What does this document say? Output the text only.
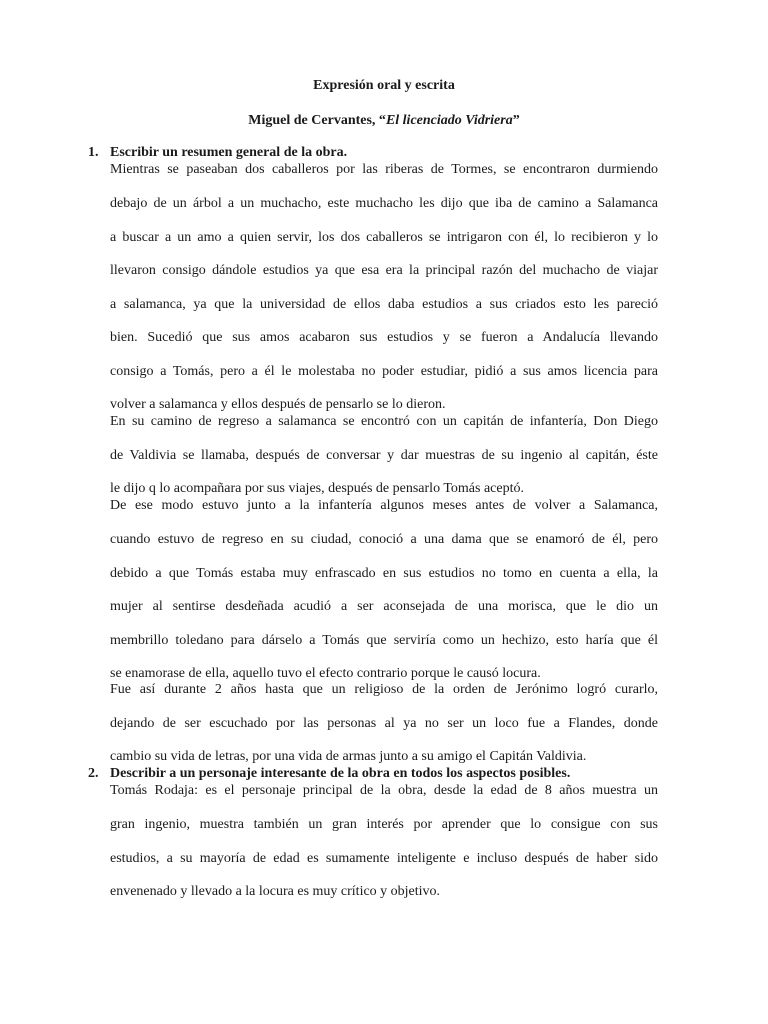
Expresión oral y escrita
Miguel de Cervantes, “El licenciado Vidriera”
1. Escribir un resumen general de la obra.
Mientras se paseaban dos caballeros por las riberas de Tormes, se encontraron durmiendo
debajo de un árbol a un muchacho, este muchacho les dijo que iba de camino a Salamanca
a buscar a un amo a quien servir, los dos caballeros se intrigaron con él, lo recibieron y lo
llevaron consigo dándole estudios ya que esa era la principal razón del muchacho de viajar
a salamanca, ya que la universidad de ellos daba estudios a sus criados esto les pareció
bien. Sucedió que sus amos acabaron sus estudios y se fueron a Andalucía llevando
consigo a Tomás, pero a él le molestaba no poder estudiar, pidió a sus amos licencia para
volver a salamanca y ellos después de pensarlo se lo dieron.
En su camino de regreso a salamanca se encontró con un capitán de infantería, Don Diego
de Valdivia se llamaba, después de conversar y dar muestras de su ingenio al capitán, éste
le dijo q lo acompañara por sus viajes, después de pensarlo Tomás aceptó.
De ese modo estuvo junto a la infantería algunos meses antes de volver a Salamanca,
cuando estuvo de regreso en su ciudad, conoció a una dama que se enamoró de él, pero
debido a que Tomás estaba muy enfrascado en sus estudios no tomo en cuenta a ella, la
mujer al sentirse desdeñada acudió a ser aconsejada de una morisca, que le dio un
membrillo toledano para dárselo a Tomás que serviría como un hechizo, esto haría que él
se enamorase de ella, aquello tuvo el efecto contrario porque le causó locura.
Fue así durante 2 años hasta que un religioso de la orden de Jerónimo logró curarlo,
dejando de ser escuchado por las personas al ya no ser un loco fue a Flandes, donde
cambio su vida de letras, por una vida de armas junto a su amigo el Capitán Valdivia.
2. Describir a un personaje interesante de la obra en todos los aspectos posibles.
Tomás Rodaja: es el personaje principal de la obra, desde la edad de 8 años muestra un
gran ingenio, muestra también un gran interés por aprender que lo consigue con sus
estudios, a su mayoría de edad es sumamente inteligente e incluso después de haber sido
envenenado y llevado a la locura es muy crítico y objetivo.
